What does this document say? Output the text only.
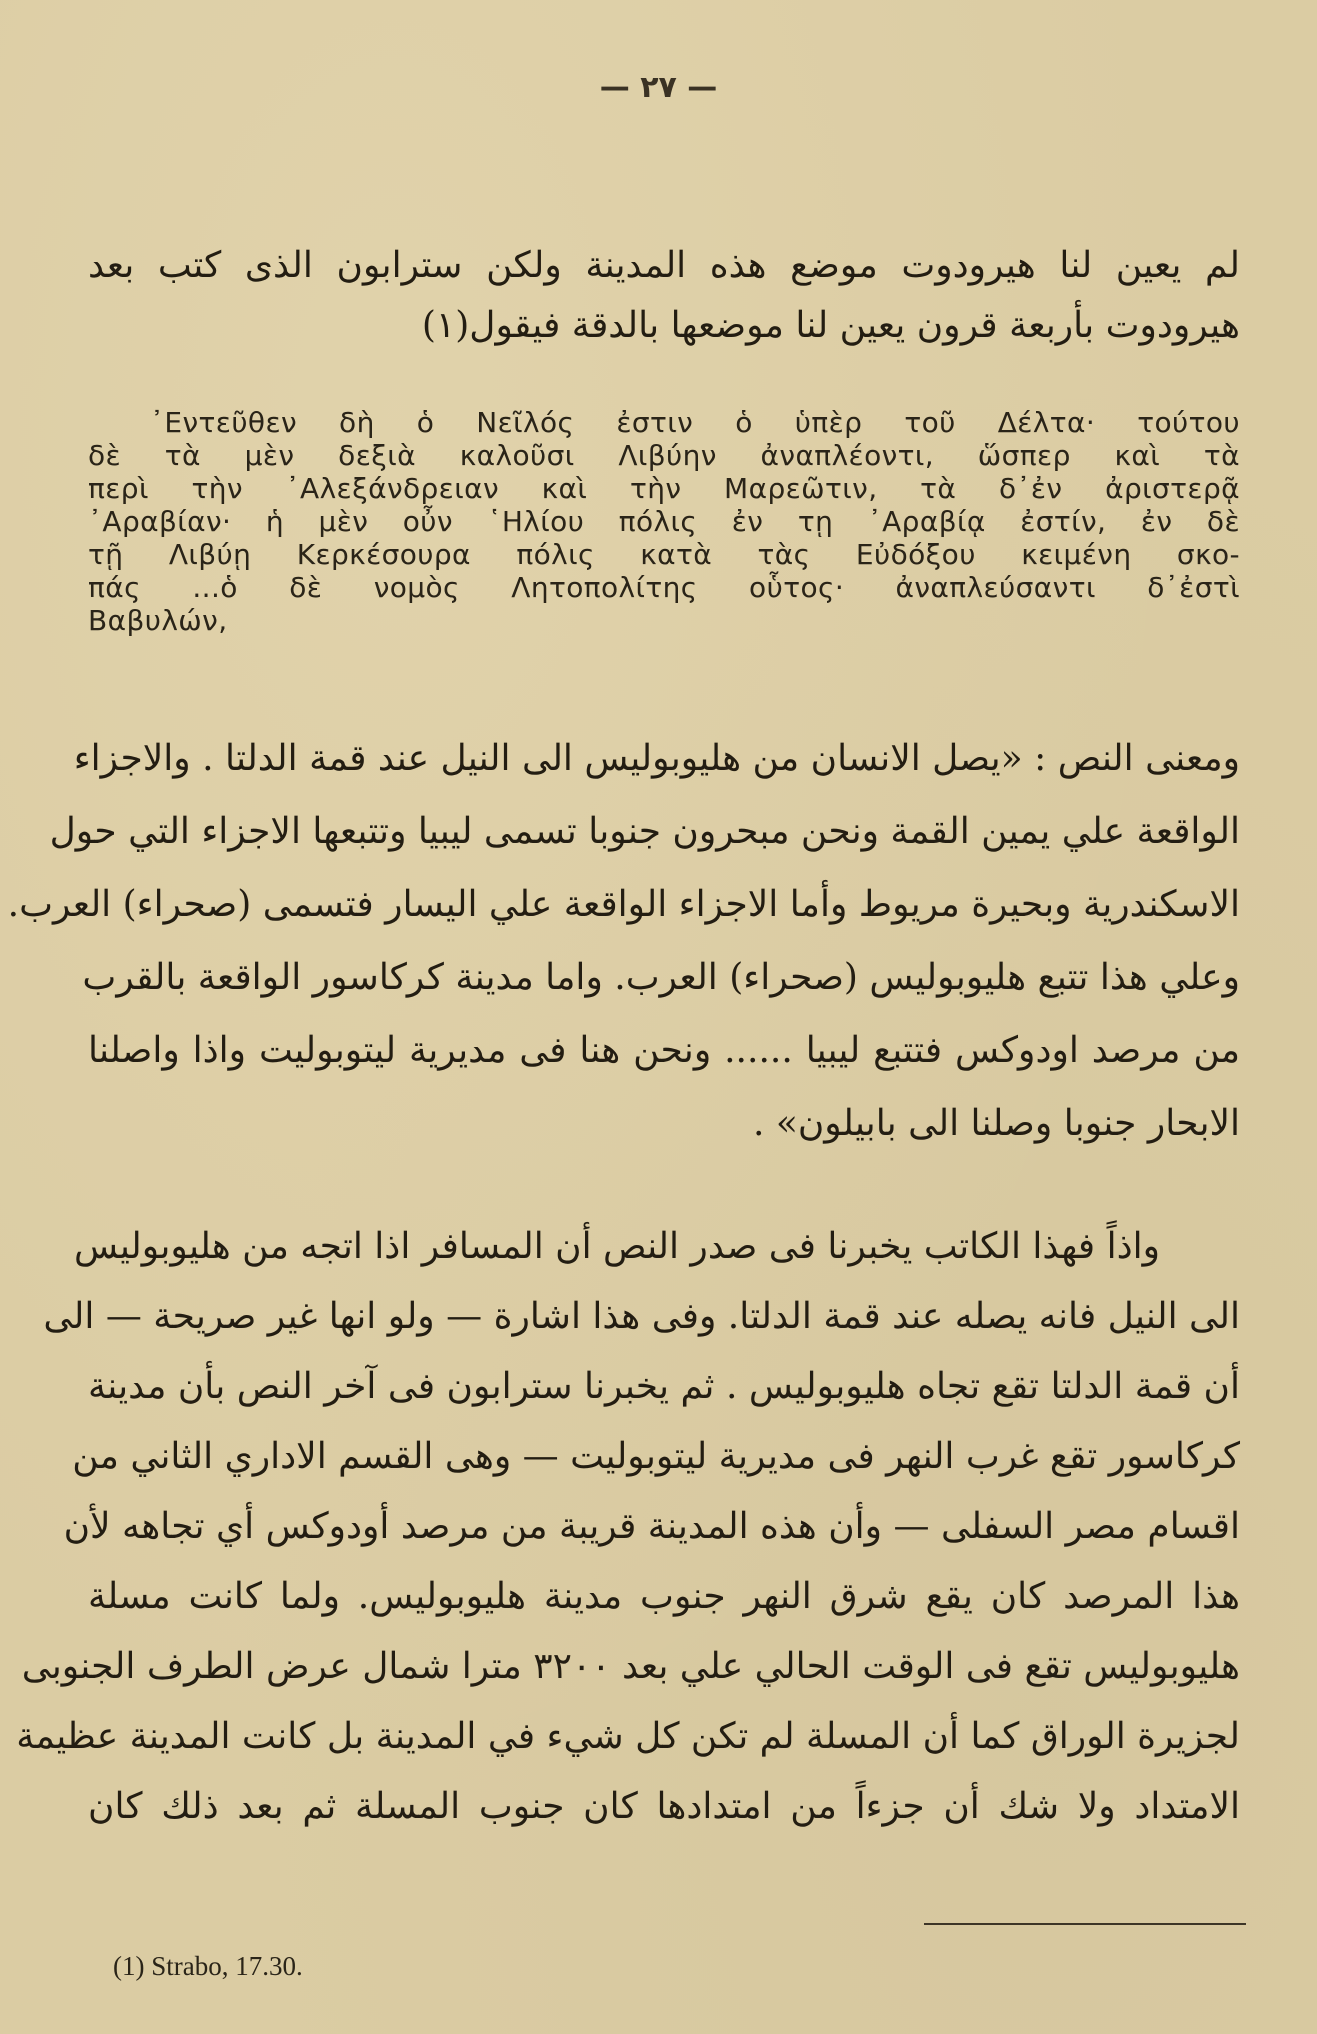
— ٢٧ —
لم يعين لنا هيرودوت موضع هذه المدينة ولكن سترابون الذى كتب بعد
هيرودوت بأربعة قرون يعين لنا موضعها بالدقة فيقول(١)
᾿Εντεῦθεν δὴ ὁ Νεῖλός ἐστιν ὁ ὑπὲρ τοῦ Δέλτα· τούτου
δὲ τὰ μὲν δεξιὰ καλοῦσι Λιβύην ἀναπλέοντι, ὥσπερ καὶ τὰ
περὶ τὴν ᾿Αλεξάνδρειαν καὶ τὴν Μαρεῶτιν, τὰ δ᾿ἐν ἀριστερᾷ
᾿Αραβίαν· ἡ μὲν οὖν ῾Ηλίου πόλις ἐν τῃ ᾿Αραβίᾳ ἐστίν, ἐν δὲ
τῇ Λιβύῃ Κερκέσουρα πόλις κατὰ τὰς Εὐδόξου κειμένη σκο-
πάς ...ὁ δὲ νομὸς Λητοπολίτης οὗτος· ἀναπλεύσαντι δ᾿ἐστὶ
Βαβυλών,
ومعنى النص : «يصل الانسان من هليوبوليس الى النيل عند قمة الدلتا . والاجزاء
الواقعة علي يمين القمة ونحن مبحرون جنوبا تسمى ليبيا وتتبعها الاجزاء التي حول
الاسكندرية وبحيرة مريوط وأما الاجزاء الواقعة علي اليسار فتسمى (صحراء) العرب.
وعلي هذا تتبع هليوبوليس (صحراء) العرب. واما مدينة كركاسور الواقعة بالقرب
من مرصد اودوكس فتتبع ليبيا ...... ونحن هنا فى مديرية ليتوبوليت واذا واصلنا
الابحار جنوبا وصلنا الى بابيلون» .
واذاً فهذا الكاتب يخبرنا فى صدر النص أن المسافر اذا اتجه من هليوبوليس
الى النيل فانه يصله عند قمة الدلتا. وفى هذا اشارة — ولو انها غير صريحة — الى
أن قمة الدلتا تقع تجاه هليوبوليس . ثم يخبرنا سترابون فى آخر النص بأن مدينة
كركاسور تقع غرب النهر فى مديرية ليتوبوليت — وهى القسم الاداري الثاني من
اقسام مصر السفلى — وأن هذه المدينة قريبة من مرصد أودوكس أي تجاهه لأن
هذا المرصد كان يقع شرق النهر جنوب مدينة هليوبوليس. ولما كانت مسلة
هليوبوليس تقع فى الوقت الحالي علي بعد ٣٢٠٠ مترا شمال عرض الطرف الجنوبى
لجزيرة الوراق كما أن المسلة لم تكن كل شيء في المدينة بل كانت المدينة عظيمة
الامتداد ولا شك أن جزءاً من امتدادها كان جنوب المسلة ثم بعد ذلك كان
(1) Strabo, 17.30.
